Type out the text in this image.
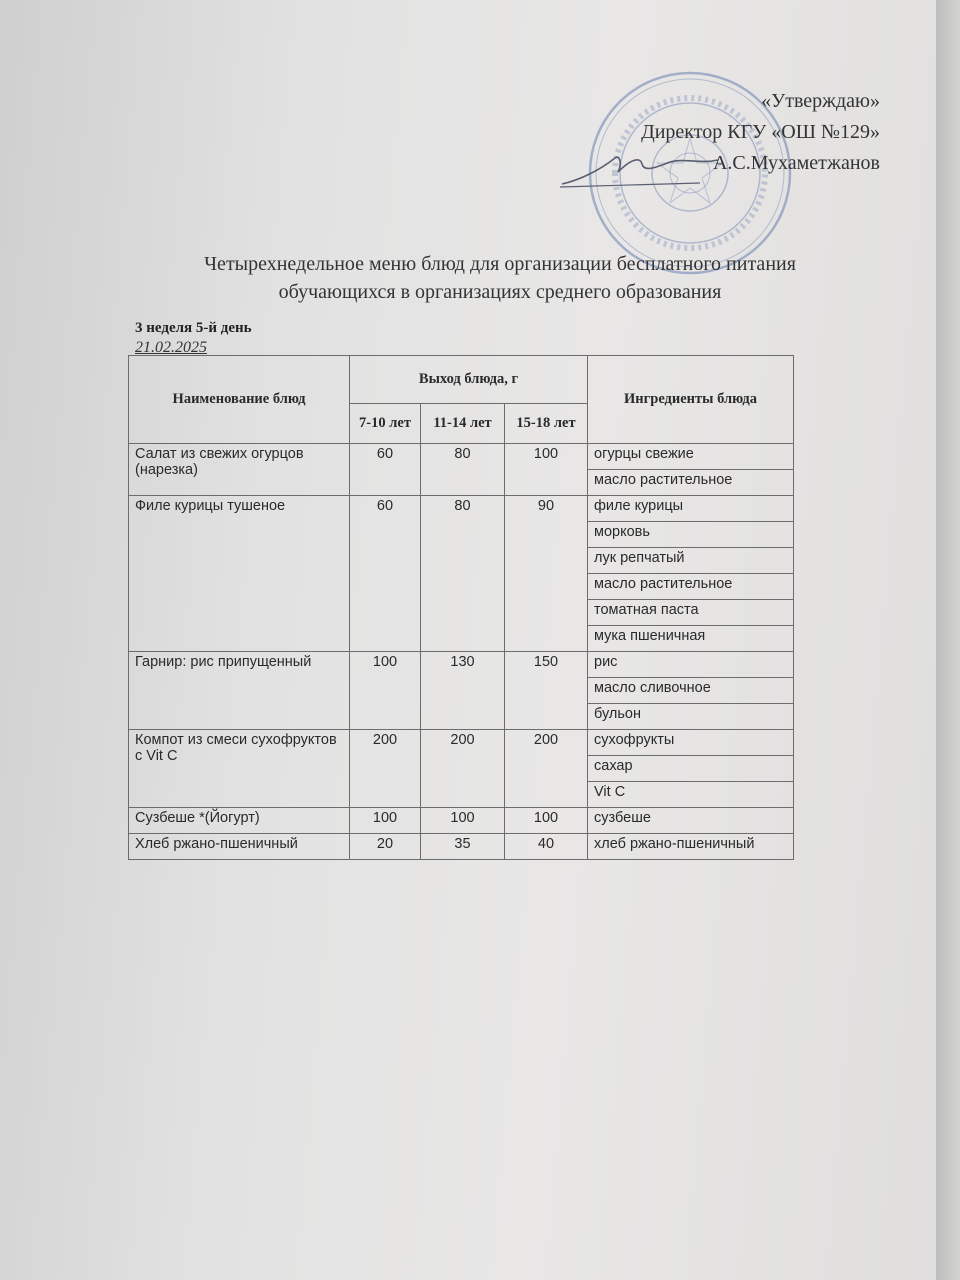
«Утверждаю»
Директор КГУ «ОШ №129»
А.С.Мухаметжанов
Четырехнедельное меню блюд для организации бесплатного питания
обучающихся в организациях среднего образования
3 неделя 5-й день
21.02.2025
Наименование блюд	Выход блюда, г			Ингредиенты блюда
	7-10 лет	11-14 лет	15-18 лет	
Салат из свежих огурцов (нарезка)	60	80	100	огурцы свежие
				масло растительное
Филе курицы тушеное	60	80	90	филе курицы
				морковь
				лук репчатый
				масло растительное
				томатная паста
				мука пшеничная
Гарнир: рис припущенный	100	130	150	рис
				масло сливочное
				бульон
Компот из смеси сухофруктов с Vit C	200	200	200	сухофрукты
				сахар
				Vit C
Сузбеше *(Йогурт)	100	100	100	сузбеше
Хлеб ржано-пшеничный	20	35	40	хлеб ржано-пшеничный
